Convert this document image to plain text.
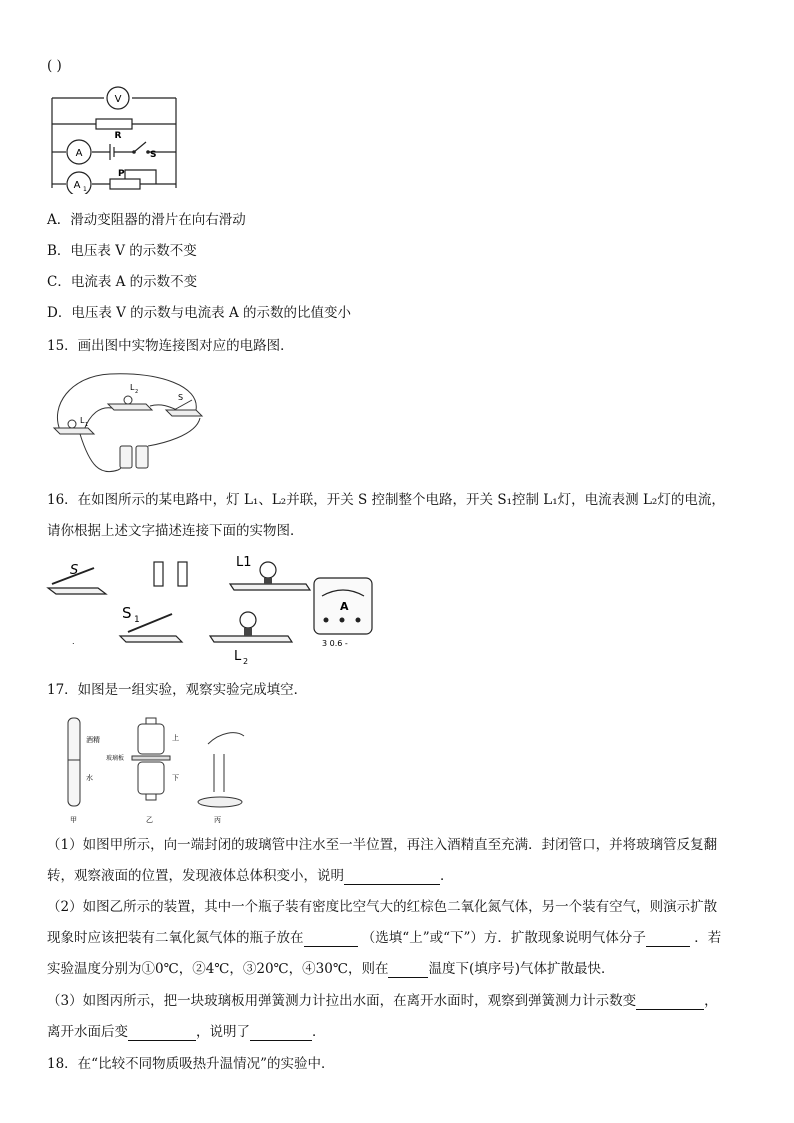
( )
V
R
A	S
A 1
P
A．滑动变阻器的滑片在向右滑动
B．电压表 V 的示数不变
C．电流表 A 的示数不变
D．电压表 V 的示数与电流表 A 的示数的比值变小
15．画出图中实物连接图对应的电路图．
L 1
L 2
S
16．在如图所示的某电路中，灯 L₁、L₂并联，开关 S 控制整个电路，开关 S₁控制 L₁灯，电流表测 L₂灯的电流，
请你根据上述文字描述连接下面的实物图．
S
L1
S 1
.
L 2
A
3 0.6 -
17．如图是一组实验，观察实验完成填空．
酒精
水
玻璃板
上
下
甲	乙	丙
（1）如图甲所示，向一端封闭的玻璃管中注水至一半位置，再注入酒精直至充满．封闭管口，并将玻璃管反复翻
转，观察液面的位置，发现液体总体积变小，说明	．
（2）如图乙所示的装置，其中一个瓶子装有密度比空气大的红棕色二氧化氮气体，另一个装有空气，则演示扩散
现象时应该把装有二氧化氮气体的瓶子放在	（选填“上”或“下”）方．扩散现象说明气体分子	．若
实验温度分别为①0℃，②4℃，③20℃，④30℃，则在	温度下(填序号)气体扩散最快．
（3）如图丙所示，把一块玻璃板用弹簧测力计拉出水面，在离开水面时，观察到弹簧测力计示数变	，
离开水面后变	，说明了	．
18．在“比较不同物质吸热升温情况”的实验中．
